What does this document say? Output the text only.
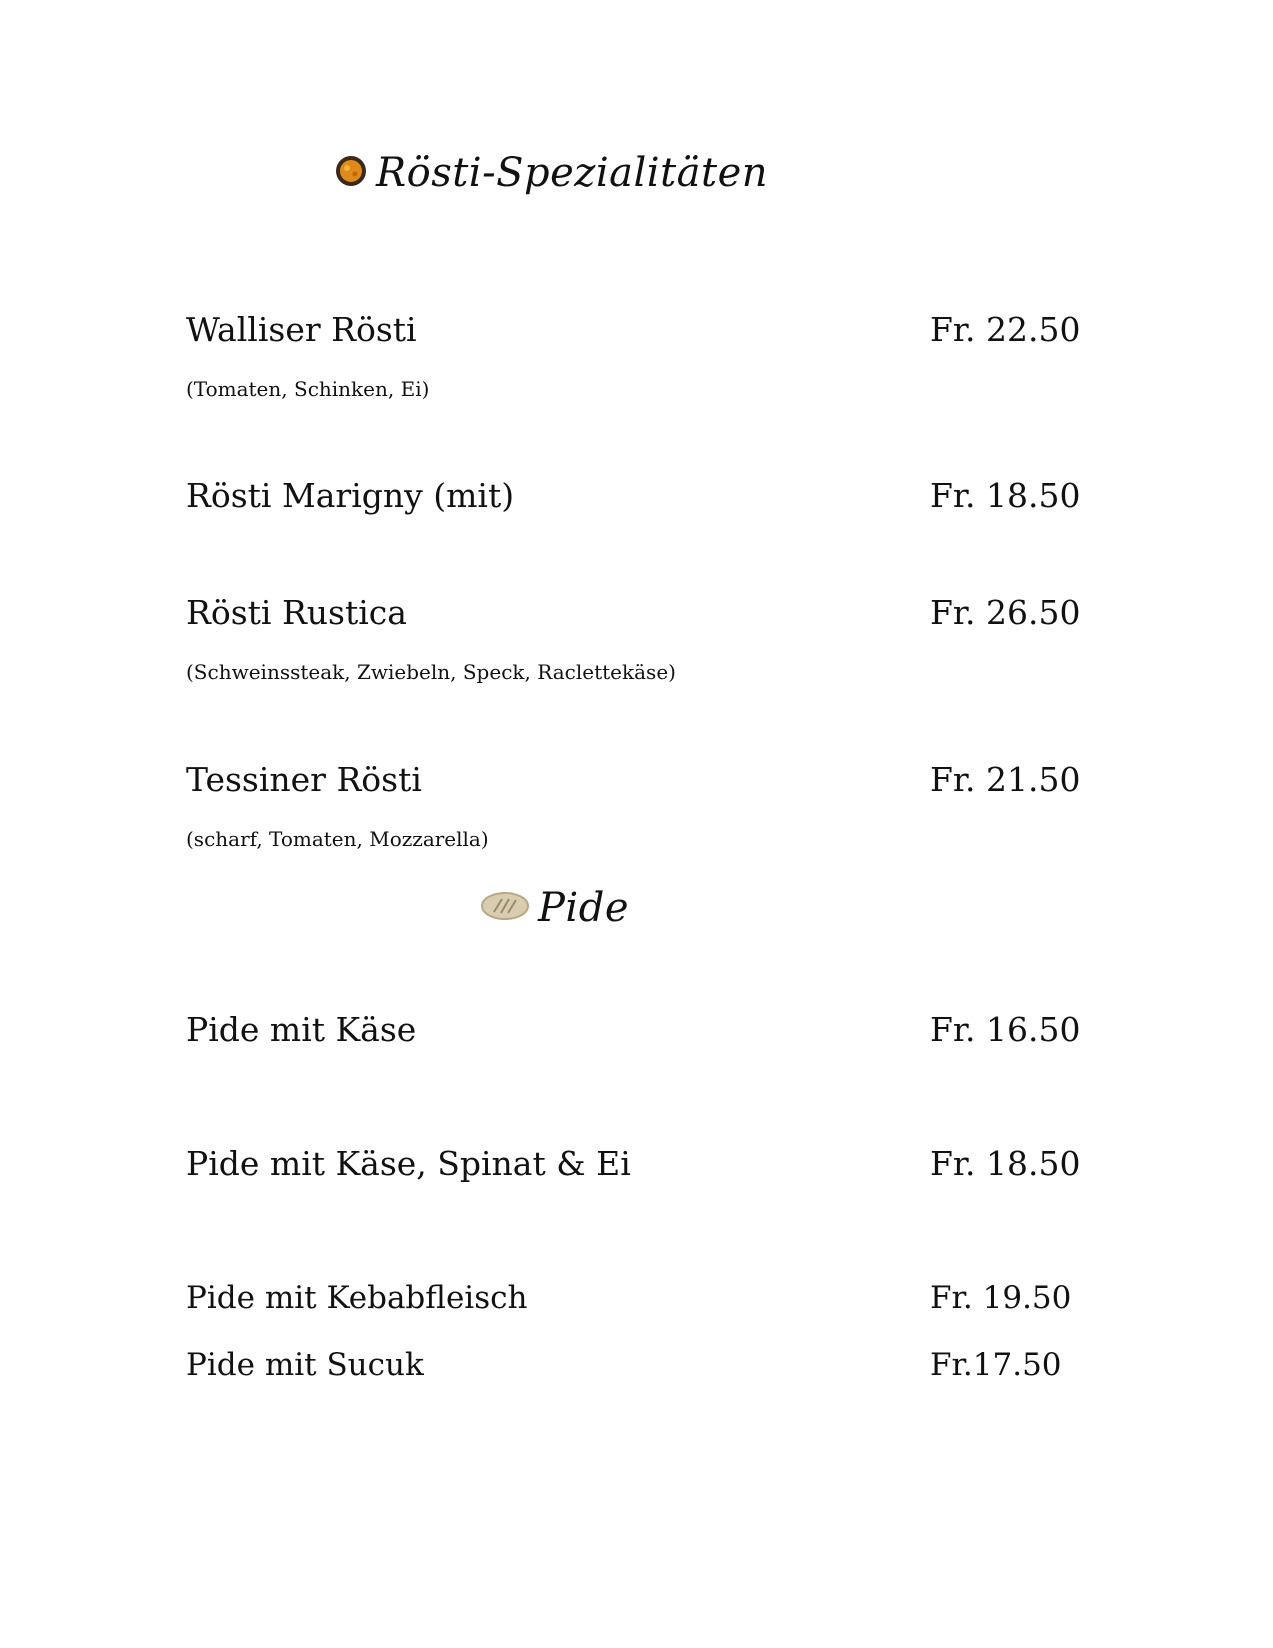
Rösti-Spezialitäten
Walliser Rösti	Fr. 22.50
(Tomaten, Schinken, Ei)
Rösti Marigny (mit)	Fr. 18.50
Rösti Rustica	Fr. 26.50
(Schweinssteak, Zwiebeln, Speck, Raclettekäse)
Tessiner Rösti	Fr. 21.50
(scharf, Tomaten, Mozzarella)
Pide
Pide mit Käse	Fr. 16.50
Pide mit Käse, Spinat & Ei	Fr. 18.50
Pide mit Kebabfleisch	Fr. 19.50
Pide mit Sucuk	Fr.17.50
